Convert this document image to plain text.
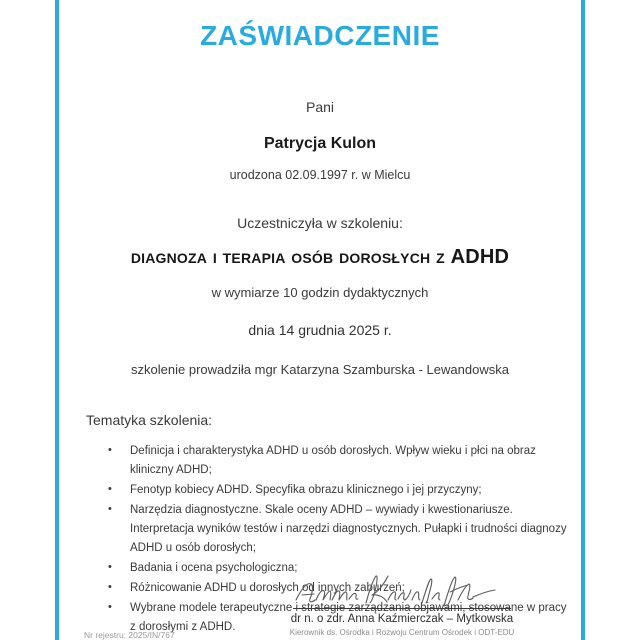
ZAŚWIADCZENIE
Pani
Patrycja Kulon
urodzona 02.09.1997 r. w Mielcu
Uczestniczyła w szkoleniu:
diagnoza i terapia osób dorosłych z ADHD
w wymiarze 10 godzin dydaktycznych
dnia 14 grudnia 2025 r.
szkolenie prowadziła mgr Katarzyna Szamburska - Lewandowska
Tematyka szkolenia:
• Definicja i charakterystyka ADHD u osób dorosłych. Wpływ wieku i płci na obraz kliniczny ADHD;
• Fenotyp kobiecy ADHD. Specyfika obrazu klinicznego i jej przyczyny;
• Narzędzia diagnostyczne. Skale oceny ADHD – wywiady i kwestionariusze. Interpretacja wyników testów i narzędzi diagnostycznych. Pułapki i trudności diagnozy ADHD u osób dorosłych;
• Badania i ocena psychologiczna;
• Różnicowanie ADHD u dorosłych od innych zaburzeń;
• Wybrane modele terapeutyczne i strategie zarządzania objawami, stosowane w pracy z dorosłymi z ADHD.
dr n. o zdr. Anna Kaźmierczak – Mytkowska
Kierownik ds. Ośrodka i Rozwoju Centrum Ośrodek i ODT-EDU
Nr rejestru: 2025/IN/767
